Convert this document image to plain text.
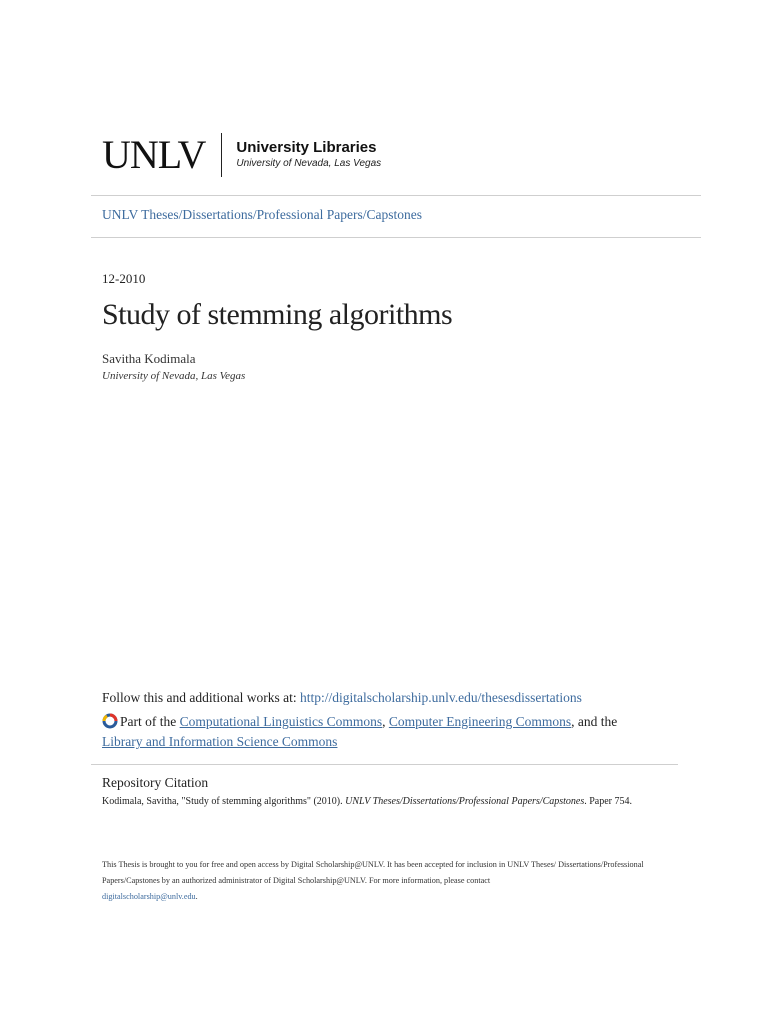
UNLV University Libraries
University of Nevada, Las Vegas
UNLV Theses/Dissertations/Professional Papers/Capstones
12-2010
Study of stemming algorithms
Savitha Kodimala
University of Nevada, Las Vegas
Follow this and additional works at: http://digitalscholarship.unlv.edu/thesesdissertations
Part of the Computational Linguistics Commons, Computer Engineering Commons, and the
Library and Information Science Commons
Repository Citation
Kodimala, Savitha, "Study of stemming algorithms" (2010). UNLV Theses/Dissertations/Professional Papers/Capstones. Paper 754.
This Thesis is brought to you for free and open access by Digital Scholarship@UNLV. It has been accepted for inclusion in UNLV Theses/ Dissertations/Professional Papers/Capstones by an authorized administrator of Digital Scholarship@UNLV. For more information, please contact
digitalscholarship@unlv.edu.
